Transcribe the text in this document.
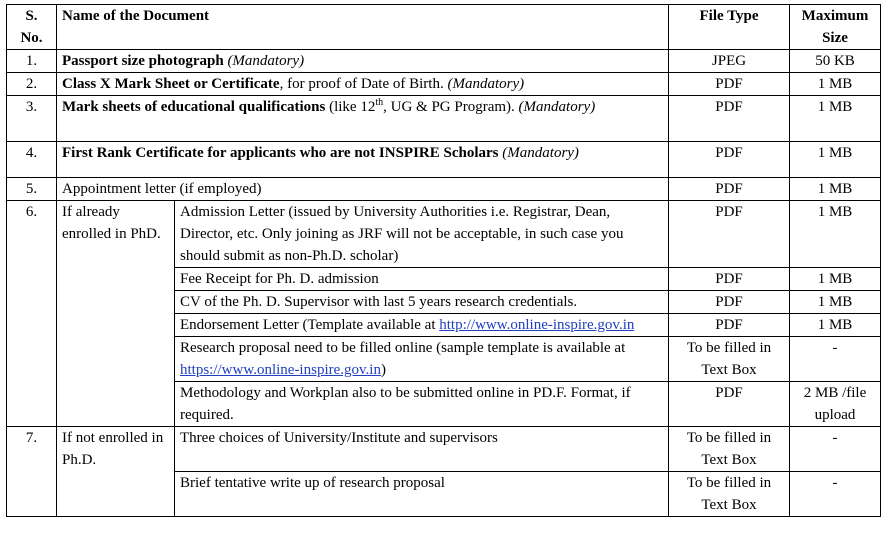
S.
No.	Name of the Document		File Type	Maximum
Size
1.	Passport size photograph (Mandatory)		JPEG	50 KB
2.	Class X Mark Sheet or Certificate, for proof of Date of Birth. (Mandatory)		PDF	1 MB
3.	Mark sheets of educational qualifications (like 12th, UG & PG Program). (Mandatory)		PDF	1 MB
4.	First Rank Certificate for applicants who are not INSPIRE Scholars (Mandatory)		PDF	1 MB
5.	Appointment letter (if employed)		PDF	1 MB
6.	If already enrolled in PhD.	Admission Letter (issued by University Authorities i.e. Registrar, Dean, Director, etc. Only joining as JRF will not be acceptable, in such case you should submit as non-Ph.D. scholar)	PDF	1 MB
		Fee Receipt for Ph. D. admission	PDF	1 MB
		CV of the Ph. D. Supervisor with last 5 years research credentials.	PDF	1 MB
		Endorsement Letter (Template available at http://www.online-inspire.gov.in	PDF	1 MB
		Research proposal need to be filled online (sample template is available at https://www.online-inspire.gov.in)	To be filled in Text Box	-
		Methodology and Workplan also to be submitted online in PD.F. Format, if required.	PDF	2 MB /file upload
7.	If not enrolled in Ph.D.	Three choices of University/Institute and supervisors	To be filled in Text Box	-
		Brief tentative write up of research proposal	To be filled in Text Box	-
